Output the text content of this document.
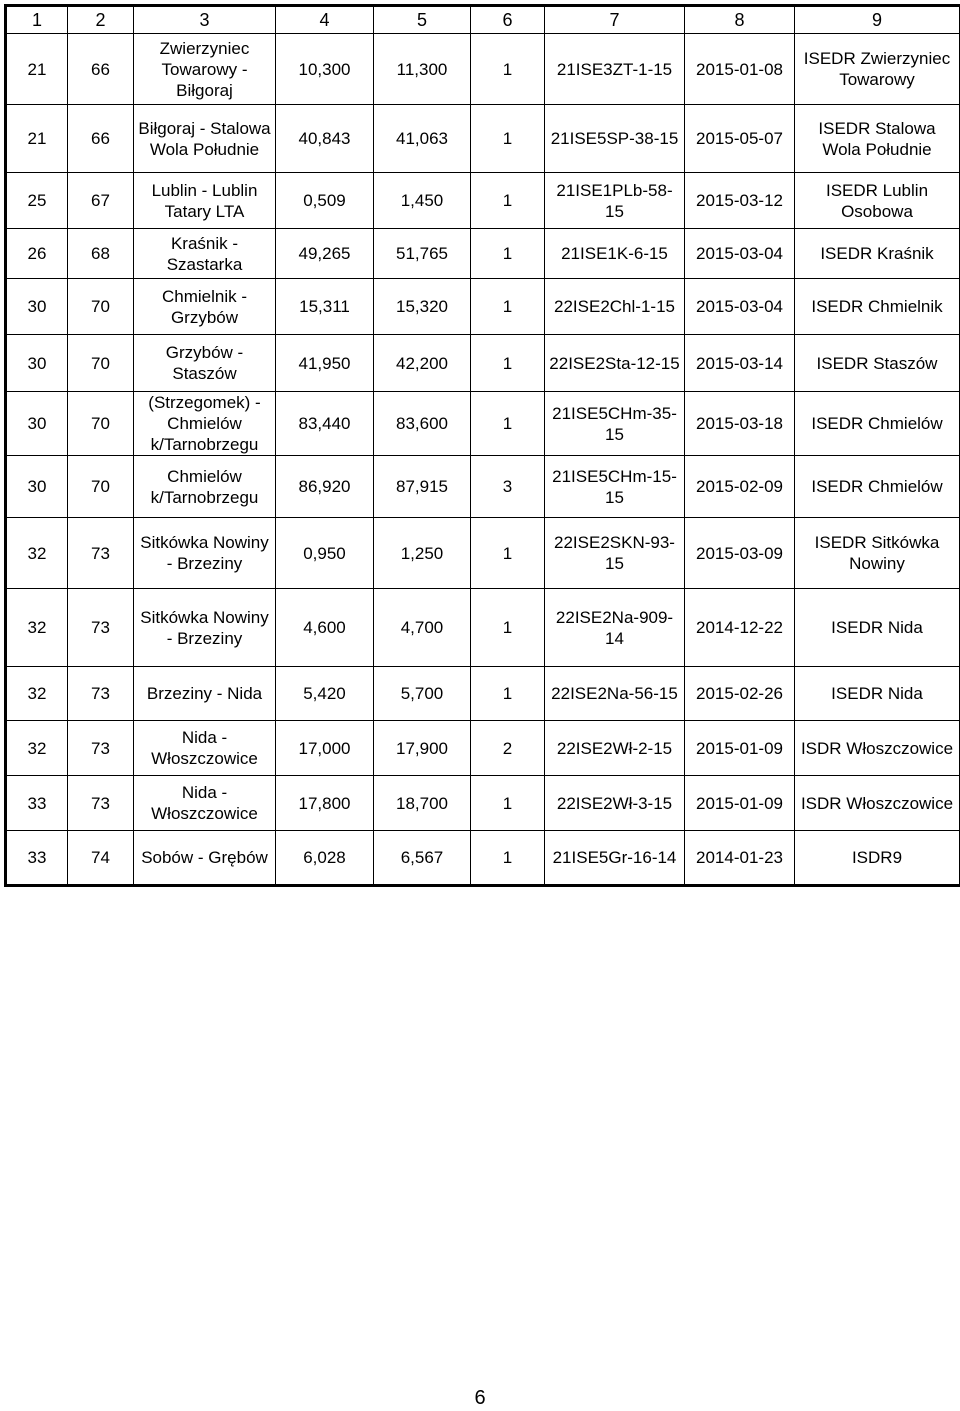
1	2	3	4	5	6	7	8	9
21	66	Zwierzyniec Towarowy - Biłgoraj	10,300	11,300	1	21ISE3ZT-1-15	2015-01-08	ISEDR Zwierzyniec Towarowy
21	66	Biłgoraj - Stalowa Wola Południe	40,843	41,063	1	21ISE5SP-38-15	2015-05-07	ISEDR Stalowa Wola Południe
25	67	Lublin - Lublin Tatary LTA	0,509	1,450	1	21ISE1PLb-58-15	2015-03-12	ISEDR Lublin Osobowa
26	68	Kraśnik - Szastarka	49,265	51,765	1	21ISE1K-6-15	2015-03-04	ISEDR Kraśnik
30	70	Chmielnik - Grzybów	15,311	15,320	1	22ISE2Chl-1-15	2015-03-04	ISEDR Chmielnik
30	70	Grzybów - Staszów	41,950	42,200	1	22ISE2Sta-12-15	2015-03-14	ISEDR Staszów
30	70	(Strzegomek) - Chmielów k/Tarnobrzegu	83,440	83,600	1	21ISE5CHm-35-15	2015-03-18	ISEDR Chmielów
30	70	Chmielów k/Tarnobrzegu	86,920	87,915	3	21ISE5CHm-15-15	2015-02-09	ISEDR Chmielów
32	73	Sitkówka Nowiny - Brzeziny	0,950	1,250	1	22ISE2SKN-93-15	2015-03-09	ISEDR Sitkówka Nowiny
32	73	Sitkówka Nowiny - Brzeziny	4,600	4,700	1	22ISE2Na-909-14	2014-12-22	ISEDR Nida
32	73	Brzeziny - Nida	5,420	5,700	1	22ISE2Na-56-15	2015-02-26	ISEDR Nida
32	73	Nida - Włoszczowice	17,000	17,900	2	22ISE2Wł-2-15	2015-01-09	ISDR Włoszczowice
33	73	Nida - Włoszczowice	17,800	18,700	1	22ISE2Wł-3-15	2015-01-09	ISDR Włoszczowice
33	74	Sobów - Grębów	6,028	6,567	1	21ISE5Gr-16-14	2014-01-23	ISDR9
6
